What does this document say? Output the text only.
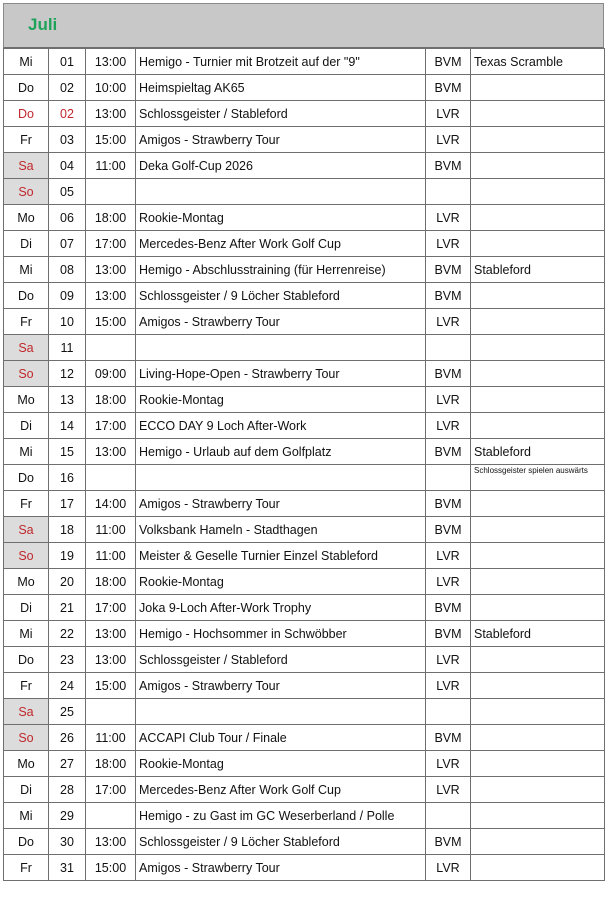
Juli
Mi	01	13:00	Hemigo - Turnier mit Brotzeit auf der "9"	BVM	Texas Scramble
Do	02	10:00	Heimspieltag AK65	BVM	
Do	02	13:00	Schlossgeister / Stableford	LVR	
Fr	03	15:00	Amigos - Strawberry Tour	LVR	
Sa	04	11:00	Deka Golf-Cup 2026	BVM	
So	05				
Mo	06	18:00	Rookie-Montag	LVR	
Di	07	17:00	Mercedes-Benz After Work Golf Cup	LVR	
Mi	08	13:00	Hemigo - Abschlusstraining (für Herrenreise)	BVM	Stableford
Do	09	13:00	Schlossgeister / 9 Löcher Stableford	BVM	
Fr	10	15:00	Amigos - Strawberry Tour	LVR	
Sa	11				
So	12	09:00	Living-Hope-Open - Strawberry Tour	BVM	
Mo	13	18:00	Rookie-Montag	LVR	
Di	14	17:00	ECCO DAY 9 Loch After-Work	LVR	
Mi	15	13:00	Hemigo - Urlaub auf dem Golfplatz	BVM	Stableford
Do	16				Schlossgeister spielen auswärts
Fr	17	14:00	Amigos - Strawberry Tour	BVM	
Sa	18	11:00	Volksbank Hameln - Stadthagen	BVM	
So	19	11:00	Meister & Geselle Turnier Einzel Stableford	LVR	
Mo	20	18:00	Rookie-Montag	LVR	
Di	21	17:00	Joka 9-Loch After-Work Trophy	BVM	
Mi	22	13:00	Hemigo - Hochsommer in Schwöbber	BVM	Stableford
Do	23	13:00	Schlossgeister / Stableford	LVR	
Fr	24	15:00	Amigos - Strawberry Tour	LVR	
Sa	25				
So	26	11:00	ACCAPI Club Tour / Finale	BVM	
Mo	27	18:00	Rookie-Montag	LVR	
Di	28	17:00	Mercedes-Benz After Work Golf Cup	LVR	
Mi	29		Hemigo - zu Gast im GC Weserberland / Polle		
Do	30	13:00	Schlossgeister / 9 Löcher Stableford	BVM	
Fr	31	15:00	Amigos - Strawberry Tour	LVR	
